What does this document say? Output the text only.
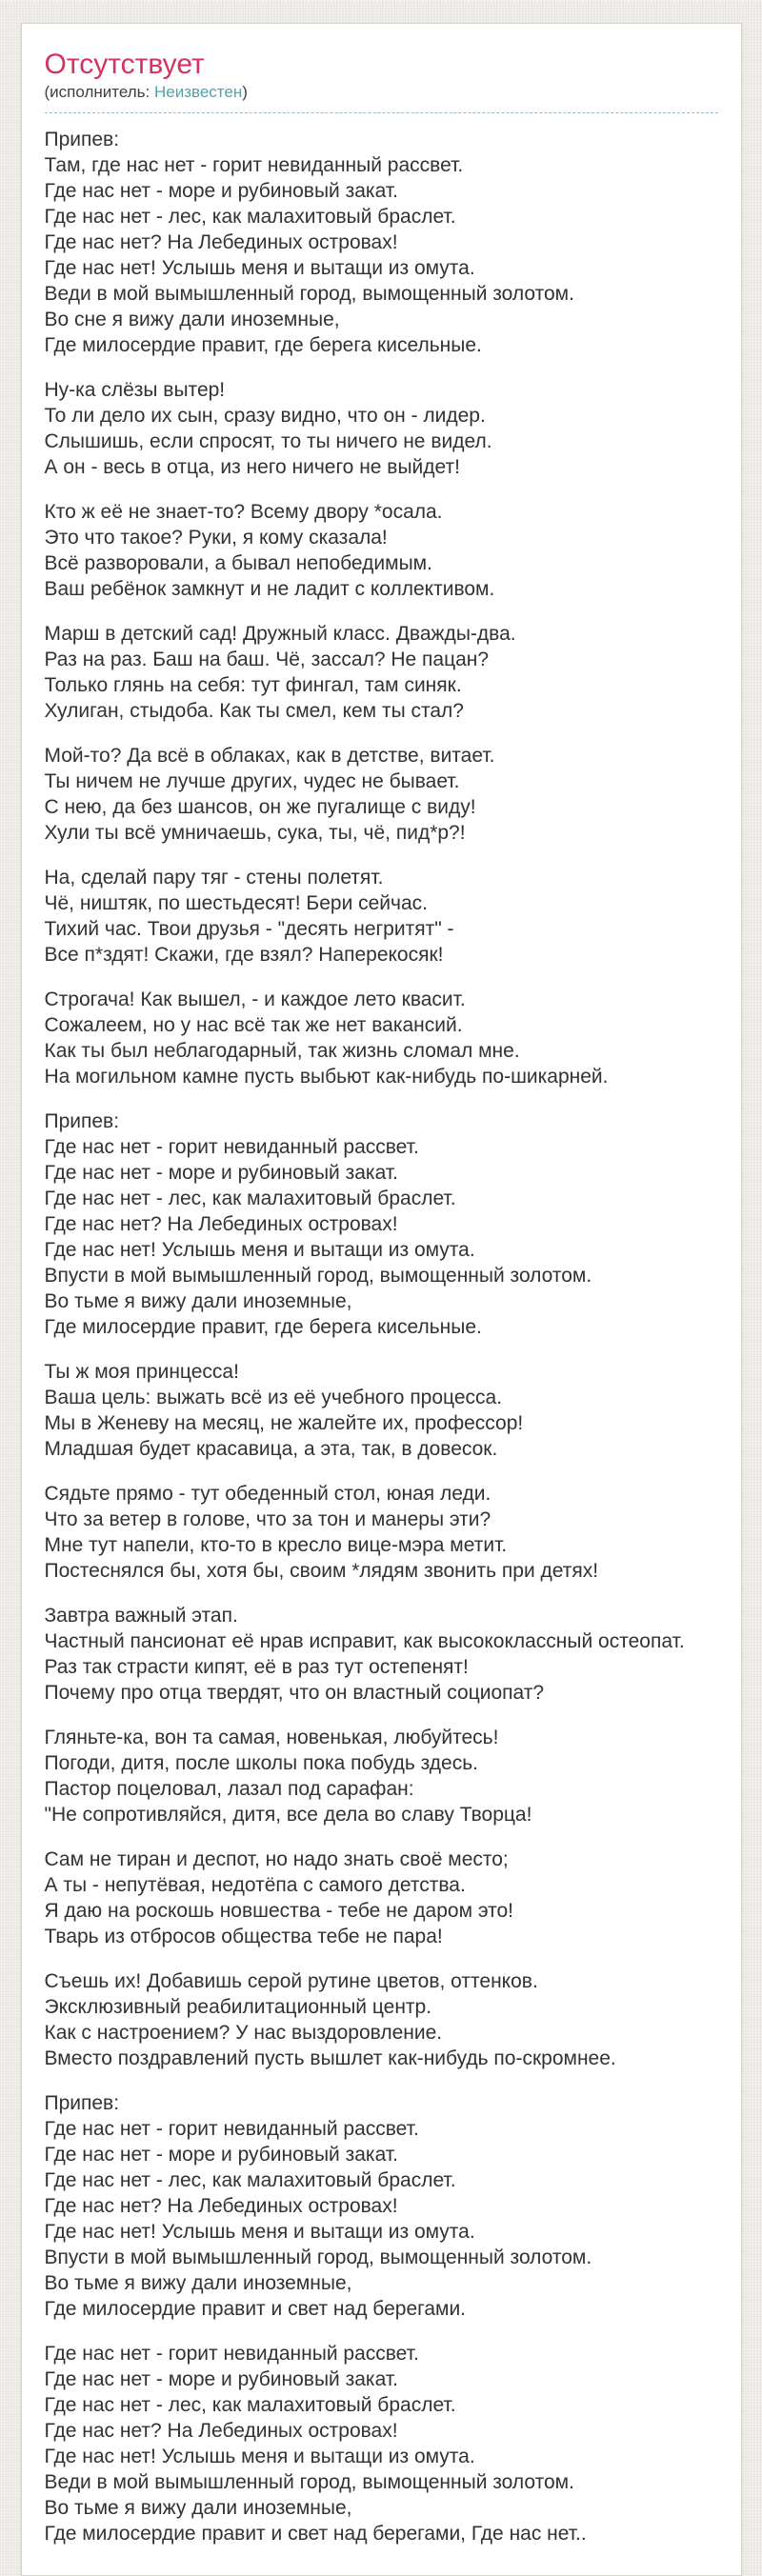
Отсутствует
(исполнитель: Неизвестен)
Припев:
Там, где нас нет - горит невиданный рассвет.
Где нас нет - море и рубиновый закат.
Где нас нет - лес, как малахитовый браслет.
Где нас нет? На Лебединых островах!
Где нас нет! Услышь меня и вытащи из омута.
Веди в мой вымышленный город, вымощенный золотом.
Во сне я вижу дали иноземные,
Где милосердие правит, где берега кисельные.
Ну-ка слёзы вытер!
То ли дело их сын, сразу видно, что он - лидер.
Слышишь, если спросят, то ты ничего не видел.
А он - весь в отца, из него ничего не выйдет!
Кто ж её не знает-то? Всему двору *осала.
Это что такое? Руки, я кому сказала!
Всё разворовали, а бывал непобедимым.
Ваш ребёнок замкнут и не ладит с коллективом.
Марш в детский сад! Дружный класс. Дважды-два.
Раз на раз. Баш на баш. Чё, зассал? Не пацан?
Только глянь на себя: тут фингал, там синяк.
Хулиган, стыдоба. Как ты смел, кем ты стал?
Мой-то? Да всё в облаках, как в детстве, витает.
Ты ничем не лучше других, чудес не бывает.
С нею, да без шансов, он же пугалище с виду!
Хули ты всё умничаешь, сука, ты, чё, пид*р?!
На, сделай пару тяг - стены полетят.
Чё, ништяк, по шестьдесят! Бери сейчас.
Тихий час. Твои друзья - "десять негритят" -
Все п*здят! Скажи, где взял? Наперекосяк!
Строгача! Как вышел, - и каждое лето квасит.
Сожалеем, но у нас всё так же нет вакансий.
Как ты был неблагодарный, так жизнь сломал мне.
На могильном камне пусть выбьют как-нибудь по-шикарней.
Припев:
Где нас нет - горит невиданный рассвет.
Где нас нет - море и рубиновый закат.
Где нас нет - лес, как малахитовый браслет.
Где нас нет? На Лебединых островах!
Где нас нет! Услышь меня и вытащи из омута.
Впусти в мой вымышленный город, вымощенный золотом.
Во тьме я вижу дали иноземные,
Где милосердие правит, где берега кисельные.
Ты ж моя принцесса!
Ваша цель: выжать всё из её учебного процесса.
Мы в Женеву на месяц, не жалейте их, профессор!
Младшая будет красавица, а эта, так, в довесок.
Сядьте прямо - тут обеденный стол, юная леди.
Что за ветер в голове, что за тон и манеры эти?
Мне тут напели, кто-то в кресло вице-мэра метит.
Постеснялся бы, хотя бы, своим *лядям звонить при детях!
Завтра важный этап.
Частный пансионат её нрав исправит, как высококлассный остеопат.
Раз так страсти кипят, её в раз тут остепенят!
Почему про отца твердят, что он властный социопат?
Гляньте-ка, вон та самая, новенькая, любуйтесь!
Погоди, дитя, после школы пока побудь здесь.
Пастор поцеловал, лазал под сарафан:
"Не сопротивляйся, дитя, все дела во славу Творца!
Сам не тиран и деспот, но надо знать своё место;
А ты - непутёвая, недотёпа с самого детства.
Я даю на роскошь новшества - тебе не даром это!
Тварь из отбросов общества тебе не пара!
Съешь их! Добавишь серой рутине цветов, оттенков.
Эксклюзивный реабилитационный центр.
Как с настроением? У нас выздоровление.
Вместо поздравлений пусть вышлет как-нибудь по-скромнее.
Припев:
Где нас нет - горит невиданный рассвет.
Где нас нет - море и рубиновый закат.
Где нас нет - лес, как малахитовый браслет.
Где нас нет? На Лебединых островах!
Где нас нет! Услышь меня и вытащи из омута.
Впусти в мой вымышленный город, вымощенный золотом.
Во тьме я вижу дали иноземные,
Где милосердие правит и свет над берегами.
Где нас нет - горит невиданный рассвет.
Где нас нет - море и рубиновый закат.
Где нас нет - лес, как малахитовый браслет.
Где нас нет? На Лебединых островах!
Где нас нет! Услышь меня и вытащи из омута.
Веди в мой вымышленный город, вымощенный золотом.
Во тьме я вижу дали иноземные,
Где милосердие правит и свет над берегами, Где нас нет..
